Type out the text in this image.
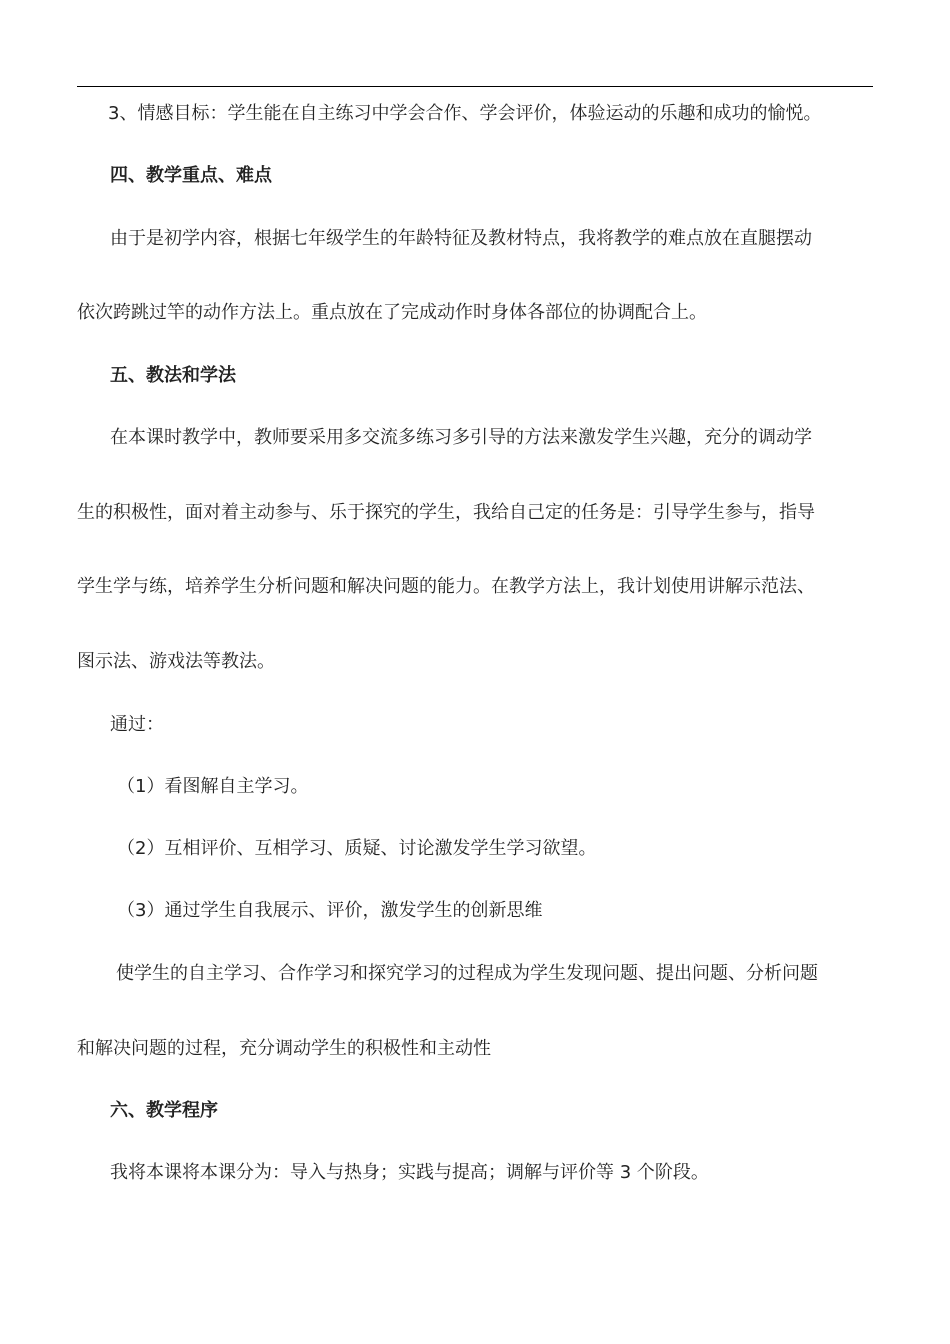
3、情感目标：学生能在自主练习中学会合作、学会评价，体验运动的乐趣和成功的愉悦。
四、教学重点、难点
由于是初学内容，根据七年级学生的年龄特征及教材特点，我将教学的难点放在直腿摆动
依次跨跳过竿的动作方法上。重点放在了完成动作时身体各部位的协调配合上。
五、教法和学法
在本课时教学中，教师要采用多交流多练习多引导的方法来激发学生兴趣，充分的调动学
生的积极性，面对着主动参与、乐于探究的学生，我给自己定的任务是：引导学生参与，指导
学生学与练，培养学生分析问题和解决问题的能力。在教学方法上，我计划使用讲解示范法、
图示法、游戏法等教法。
通过：
（1）看图解自主学习。
（2）互相评价、互相学习、质疑、讨论激发学生学习欲望。
（3）通过学生自我展示、评价，激发学生的创新思维
使学生的自主学习、合作学习和探究学习的过程成为学生发现问题、提出问题、分析问题
和解决问题的过程，充分调动学生的积极性和主动性
六、教学程序
我将本课将本课分为：导入与热身；实践与提高；调解与评价等 3 个阶段。
